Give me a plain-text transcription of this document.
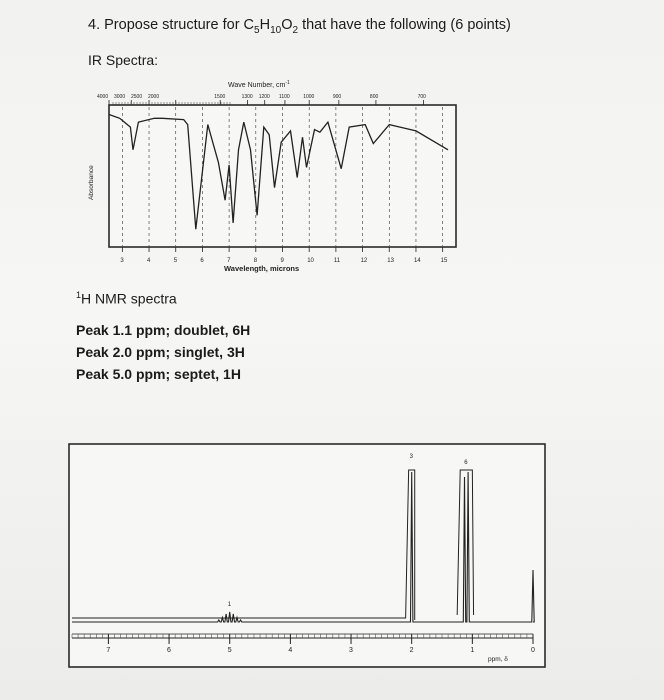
4. Propose structure for $C_5H_{10}O_2$ that have the following (6 points)
IR Spectra:
Wave Number, $cm^{-1}$
Absorbance
Wavelength, microns
4000 3000 2500 2000	1500	1300 1200 1100	1000	900	800	700
3	4	5	6	7	8	9	10	11	12	13	14	15
7	6	5	4	3	2	1	0
1
3
6
ppm, δ
$^1$H NMR spectra
Peak 1.1 ppm; doublet, 6H
Peak 2.0 ppm; singlet, 3H
Peak 5.0 ppm; septet, 1H
